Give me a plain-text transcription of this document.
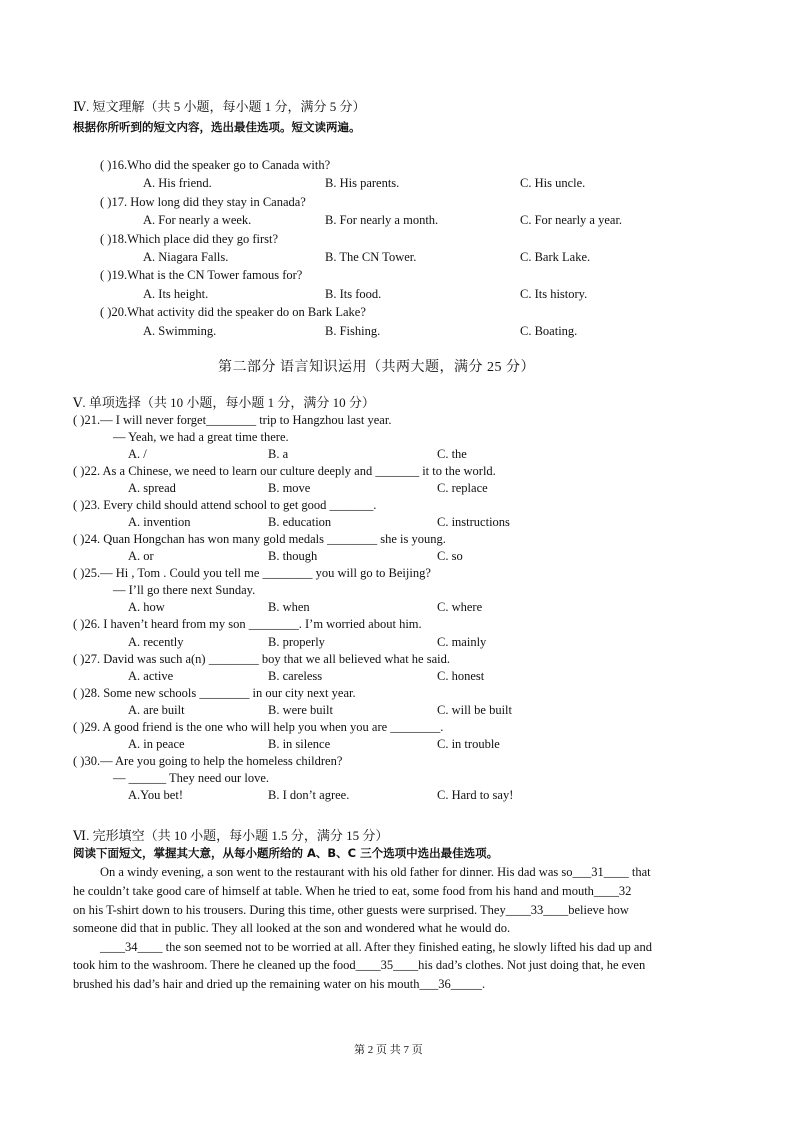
Ⅳ. 短文理解（共 5 小题，每小题 1 分，满分 5 分）
根据你所听到的短文内容，选出最佳选项。短文读两遍。
( )16.Who did the speaker go to Canada with?
A. His friend.	B. His parents.	C. His uncle.
( )17. How long did they stay in Canada?
A. For nearly a week.	B. For nearly a month.	C. For nearly a year.
( )18.Which place did they go first?
A. Niagara Falls.	B. The CN Tower.	C. Bark Lake.
( )19.What is the CN Tower famous for?
A. Its height.	B. Its food.	C. Its history.
( )20.What activity did the speaker do on Bark Lake?
A. Swimming.	B. Fishing.	C. Boating.
第二部分 语言知识运用（共两大题，满分 25 分）
Ⅴ. 单项选择（共 10 小题，每小题 1 分，满分 10 分）
( )21.— I will never forget________ trip to Hangzhou last year.
— Yeah, we had a great time there.
A. /	B. a	C. the
( )22. As a Chinese, we need to learn our culture deeply and _______ it to the world.
A. spread	B. move	C. replace
( )23. Every child should attend school to get good _______.
A. invention	B. education	C. instructions
( )24. Quan Hongchan has won many gold medals ________ she is young.
A. or	B. though	C. so
( )25.— Hi , Tom . Could you tell me ________ you will go to Beijing?
— I’ll go there next Sunday.
A. how	B. when	C. where
( )26. I haven’t heard from my son ________. I’m worried about him.
A. recently	B. properly	C. mainly
( )27. David was such a(n) ________ boy that we all believed what he said.
A. active	B. careless	C. honest
( )28. Some new schools ________ in our city next year.
A. are built	B. were built	C. will be built
( )29. A good friend is the one who will help you when you are ________.
A. in peace	B. in silence	C. in trouble
( )30.— Are you going to help the homeless children?
— ______ They need our love.
A.You bet!	B. I don’t agree.	C. Hard to say!
Ⅵ. 完形填空（共 10 小题，每小题 1.5 分，满分 15 分）
阅读下面短文，掌握其大意，从每小题所给的 A、B、C 三个选项中选出最佳选项。
On a windy evening, a son went to the restaurant with his old father for dinner. His dad was so___31____ that
he couldn’t take good care of himself at table. When he tried to eat, some food from his hand and mouth____32
on his T-shirt down to his trousers. During this time, other guests were surprised. They____33____believe how
someone did that in public. They all looked at the son and wondered what he would do.
____34____ the son seemed not to be worried at all. After they finished eating, he slowly lifted his dad up and
took him to the washroom. There he cleaned up the food____35____his dad’s clothes. Not just doing that, he even
brushed his dad’s hair and dried up the remaining water on his mouth___36_____.
第 2 页 共 7 页
